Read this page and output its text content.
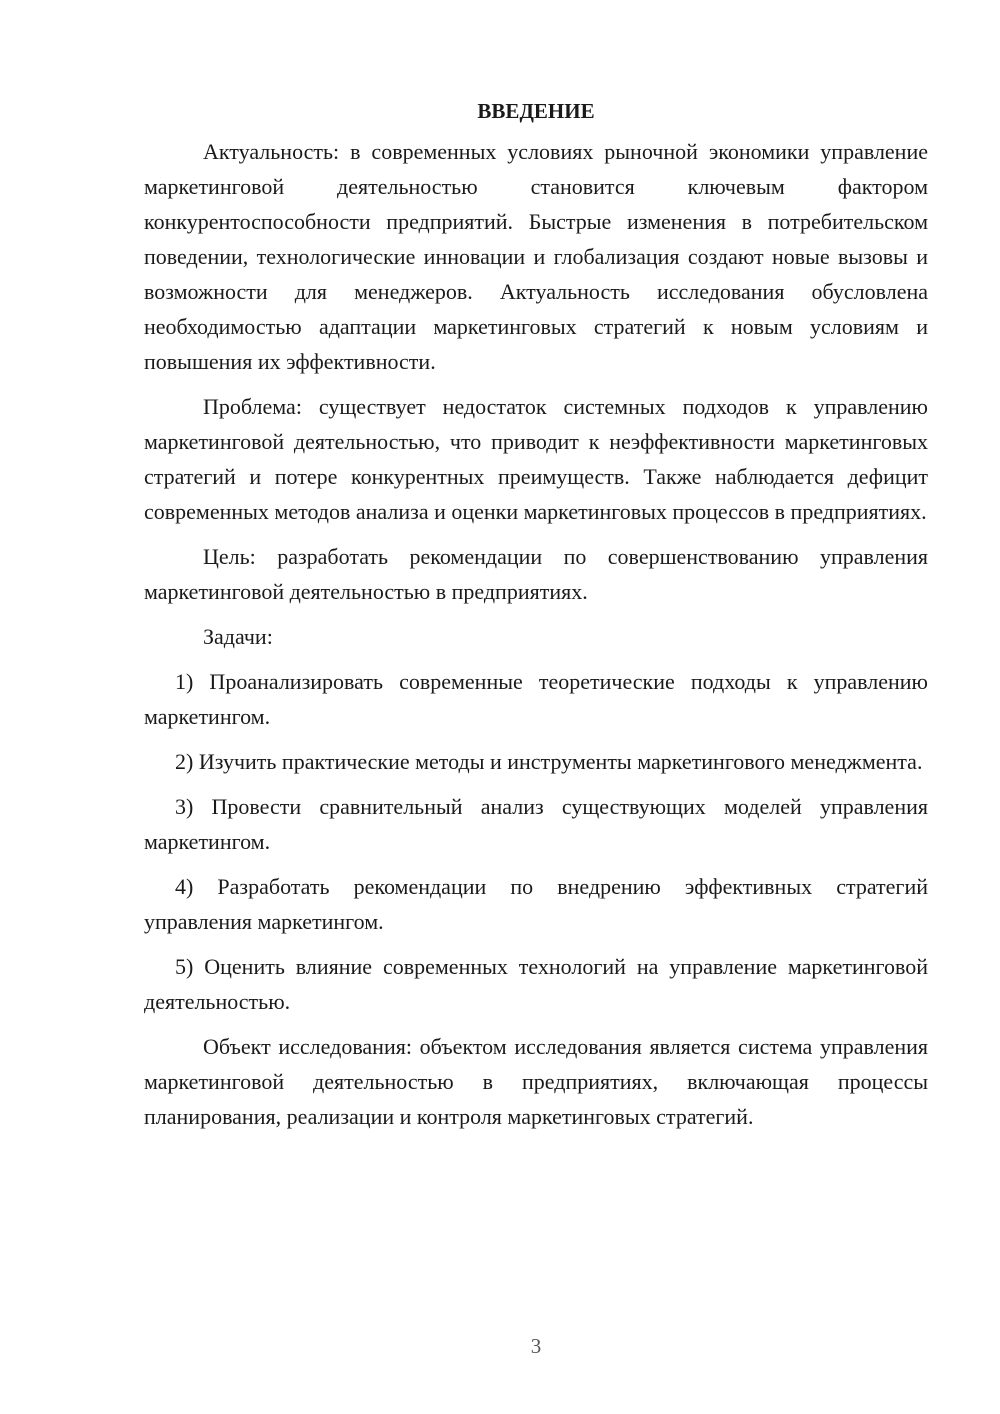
ВВЕДЕНИЕ

Актуальность: в современных условиях рыночной экономики управление маркетинговой деятельностью становится ключевым фактором конкурентоспособности предприятий. Быстрые изменения в потребительском поведении, технологические инновации и глобализация создают новые вызовы и возможности для менеджеров. Актуальность исследования обусловлена необходимостью адаптации маркетинговых стратегий к новым условиям и повышения их эффективности.

Проблема: существует недостаток системных подходов к управлению маркетинговой деятельностью, что приводит к неэффективности маркетинговых стратегий и потере конкурентных преимуществ. Также наблюдается дефицит современных методов анализа и оценки маркетинговых процессов в предприятиях.

Цель: разработать рекомендации по совершенствованию управления маркетинговой деятельностью в предприятиях.

Задачи:

1) Проанализировать современные теоретические подходы к управлению маркетингом.

2) Изучить практические методы и инструменты маркетингового менеджмента.

3) Провести сравнительный анализ существующих моделей управления маркетингом.

4) Разработать рекомендации по внедрению эффективных стратегий управления маркетингом.

5) Оценить влияние современных технологий на управление маркетинговой деятельностью.

Объект исследования: объектом исследования является система управления маркетинговой деятельностью в предприятиях, включающая процессы планирования, реализации и контроля маркетинговых стратегий.

3
